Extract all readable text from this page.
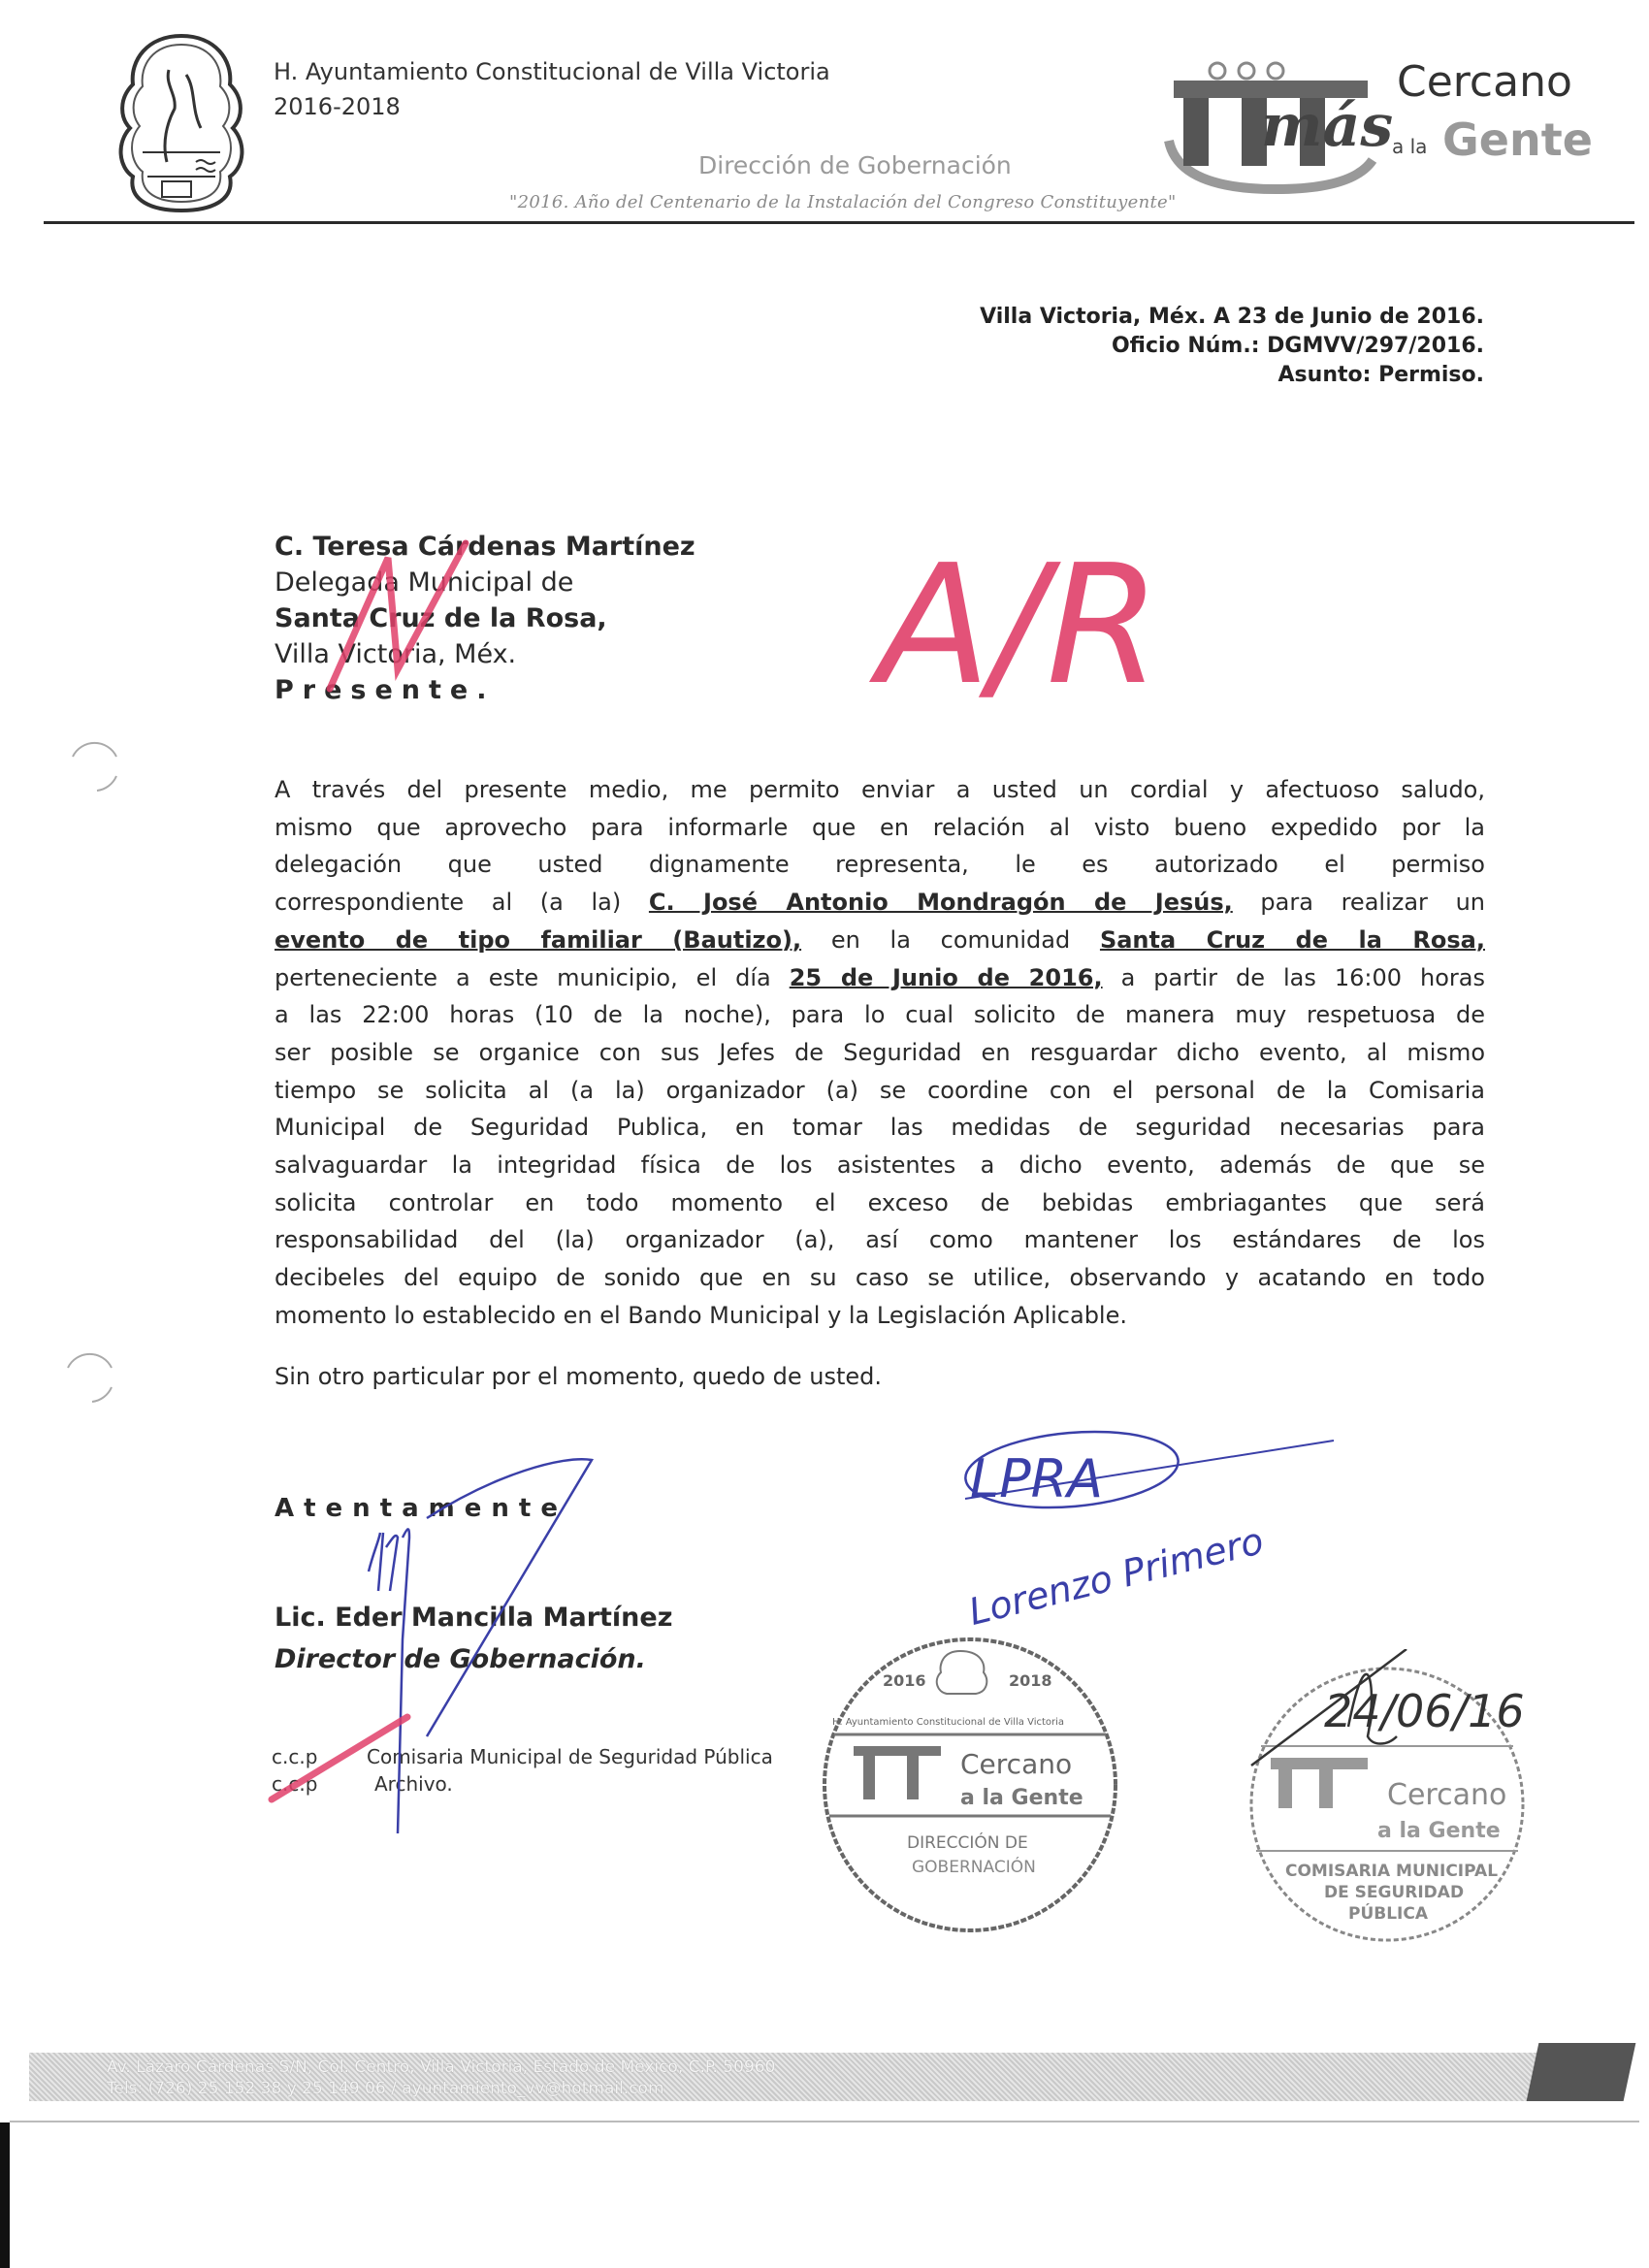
H. Ayuntamiento Constitucional de Villa Victoria
2016-2018
Dirección de Gobernación
"2016. Año del Centenario de la Instalación del Congreso Constituyente"
más
Cercano
a la Gente
Villa Victoria, Méx. A 23 de Junio de 2016.
Oficio Núm.: DGMVV/297/2016.
Asunto: Permiso.
C. Teresa Cárdenas Martínez
Delegada Municipal de
Santa Cruz de la Rosa,
Villa Victoria, Méx.
Presente.	A/R
A través del presente medio, me permito enviar a usted un cordial y afectuoso saludo,
mismo que aprovecho para informarle que en relación al visto bueno expedido por la
delegación que usted dignamente representa, le es autorizado el permiso
correspondiente al (a la) C. José Antonio Mondragón de Jesús, para realizar un
evento de tipo familiar (Bautizo), en la comunidad Santa Cruz de la Rosa,
perteneciente a este municipio, el día 25 de Junio de 2016, a partir de las 16:00 horas
a las 22:00 horas (10 de la noche), para lo cual solicito de manera muy respetuosa de
ser posible se organice con sus Jefes de Seguridad en resguardar dicho evento, al mismo
tiempo se solicita al (a la) organizador (a) se coordine con el personal de la Comisaria
Municipal de Seguridad Publica, en tomar las medidas de seguridad necesarias para
salvaguardar la integridad física de los asistentes a dicho evento, además de que se
solicita controlar en todo momento el exceso de bebidas embriagantes que será
responsabilidad del (la) organizador (a), así como mantener los estándares de los
decibeles del equipo de sonido que en su caso se utilice, observando y acatando en todo
momento lo establecido en el Bando Municipal y la Legislación Aplicable.
Sin otro particular por el momento, quedo de usted.
2016	2018
H. Ayuntamiento Constitucional de Villa Victoria
Cercano
a la Gente
DIRECCIÓN DE
GOBERNACIÓN
Atentamente
Lic. Eder Mancilla Martínez
Director de Gobernación.
c.c.p	Comisaria Municipal de Seguridad Pública
c.c.p	Archivo.
LPRA
Lorenzo Primero
Cercano
a la Gente
COMISARIA MUNICIPAL
DE SEGURIDAD
PÚBLICA
24/06/16
Av. Lázaro Cárdenas S/N, Col. Centro, Villa Victoria, Estado de México, C.P. 50960
Tels: (726) 25 152 38 y 25 149 06 / ayuntamiento_vv@hotmail.com
